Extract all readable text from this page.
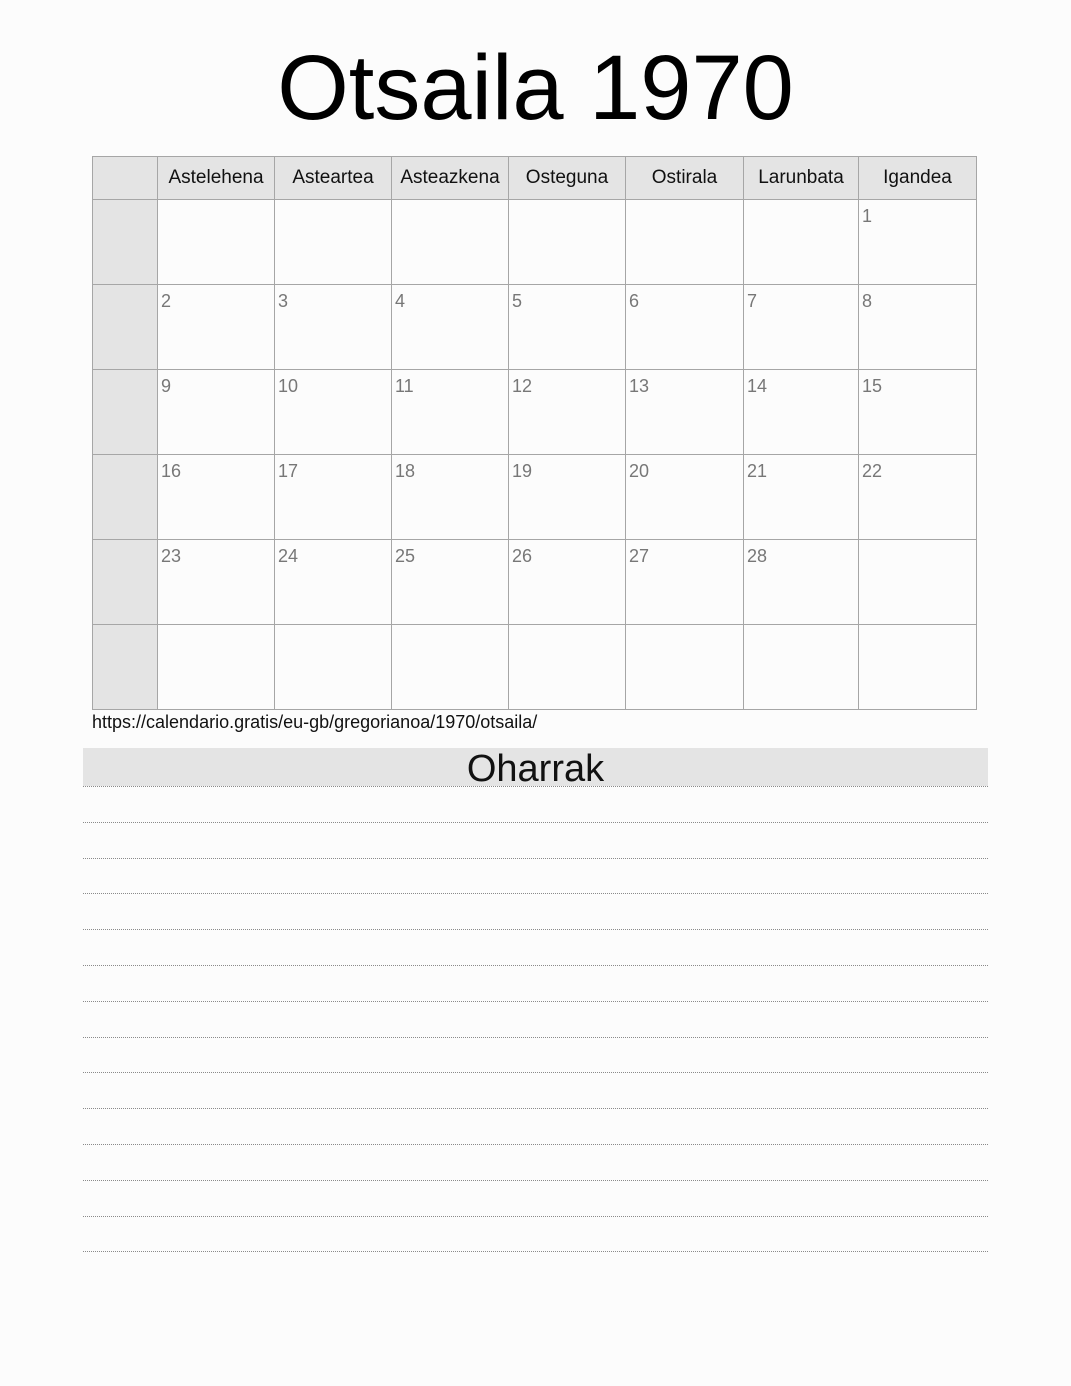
Otsaila 1970
	Astelehena	Asteartea	Asteazkena	Osteguna	Ostirala	Larunbata	Igandea
							1
	2	3	4	5	6	7	8
	9	10	11	12	13	14	15
	16	17	18	19	20	21	22
	23	24	25	26	27	28	

https://calendario.gratis/eu-gb/gregorianoa/1970/otsaila/
Oharrak
